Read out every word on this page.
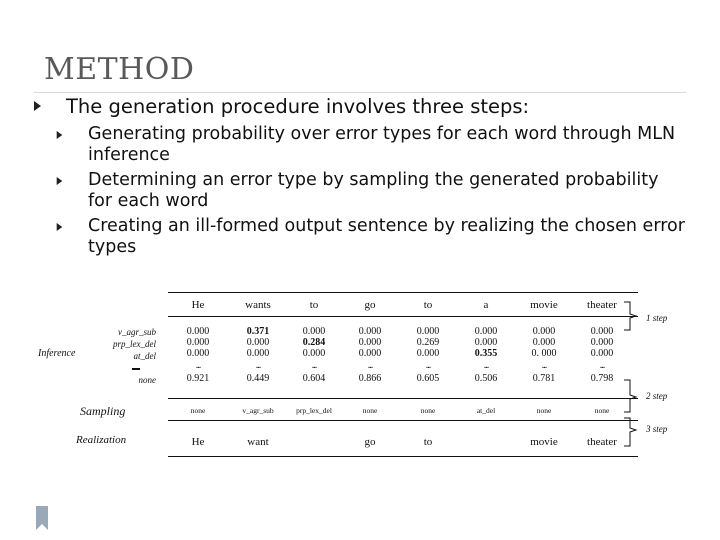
METHOD
The generation procedure involves three steps:
Generating probability over error types for each word through MLN inference
Determining an error type by sampling the generated probability for each word
Creating an ill-formed output sentence by realizing the chosen error types
Inference
v_agr_sub
prp_lex_del
at_del
none
Sampling
Realization
He
0.000
0.000
0.000
...
0.921
none
He
wants
0.371
0.000
0.000
...
0.449
v_agr_sub
want
to
0.000
0.284
0.000
...
0.604
prp_lex_del
go
0.000
0.000
0.000
...
0.866
none
go
to
0.000
0.269
0.000
...
0.605
none
to
a
0.000
0.000
0.355
...
0.506
at_del
movie
0.000
0.000
0. 000
...
0.781
none
movie
theater
0.000
0.000
0.000
...
0.798
none
theater
1 step
2 step
3 step
